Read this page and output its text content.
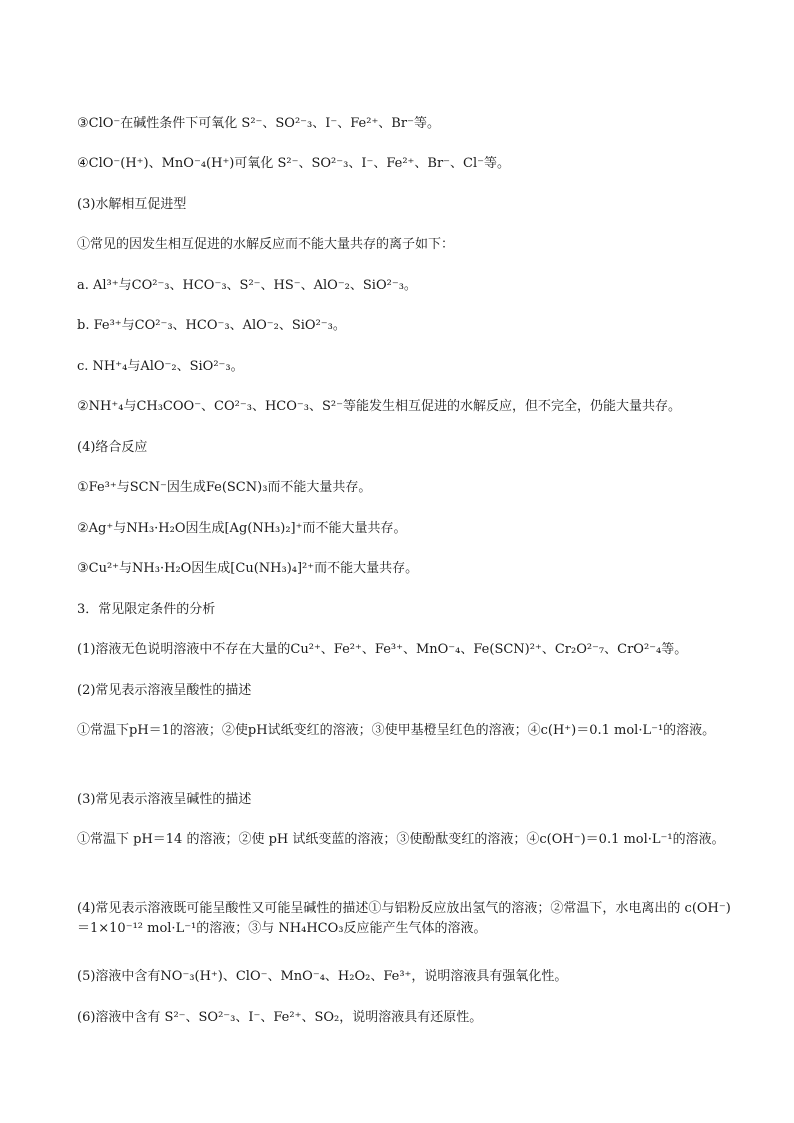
③ClO⁻在碱性条件下可氧化 S²⁻、SO²⁻₃、I⁻、Fe²⁺、Br⁻等。
④ClO⁻(H⁺)、MnO⁻₄(H⁺)可氧化 S²⁻、SO²⁻₃、I⁻、Fe²⁺、Br⁻、Cl⁻等。
(3)水解相互促进型
①常见的因发生相互促进的水解反应而不能大量共存的离子如下：
a. Al³⁺与CO²⁻₃、HCO⁻₃、S²⁻、HS⁻、AlO⁻₂、SiO²⁻₃。
b. Fe³⁺与CO²⁻₃、HCO⁻₃、AlO⁻₂、SiO²⁻₃。
c. NH⁺₄与AlO⁻₂、SiO²⁻₃。
②NH⁺₄与CH₃COO⁻、CO²⁻₃、HCO⁻₃、S²⁻等能发生相互促进的水解反应，但不完全，仍能大量共存。
(4)络合反应
①Fe³⁺与SCN⁻因生成Fe(SCN)₃而不能大量共存。
②Ag⁺与NH₃·H₂O因生成[Ag(NH₃)₂]⁺而不能大量共存。
③Cu²⁺与NH₃·H₂O因生成[Cu(NH₃)₄]²⁺而不能大量共存。
3．常见限定条件的分析
(1)溶液无色说明溶液中不存在大量的Cu²⁺、Fe²⁺、Fe³⁺、MnO⁻₄、Fe(SCN)²⁺、Cr₂O²⁻₇、CrO²⁻₄等。
(2)常见表示溶液呈酸性的描述
①常温下pH＝1的溶液；②使pH试纸变红的溶液；③使甲基橙呈红色的溶液；④c(H⁺)＝0.1 mol·L⁻¹的溶液。
(3)常见表示溶液呈碱性的描述
①常温下 pH＝14 的溶液；②使 pH 试纸变蓝的溶液；③使酚酞变红的溶液；④c(OH⁻)＝0.1 mol·L⁻¹的溶液。
(4)常见表示溶液既可能呈酸性又可能呈碱性的描述①与铝粉反应放出氢气的溶液；②常温下，水电离出的 c(OH⁻)＝1×10⁻¹² mol·L⁻¹的溶液；③与 NH₄HCO₃反应能产生气体的溶液。
(5)溶液中含有NO⁻₃(H⁺)、ClO⁻、MnO⁻₄、H₂O₂、Fe³⁺，说明溶液具有强氧化性。
(6)溶液中含有 S²⁻、SO²⁻₃、I⁻、Fe²⁺、SO₂，说明溶液具有还原性。
